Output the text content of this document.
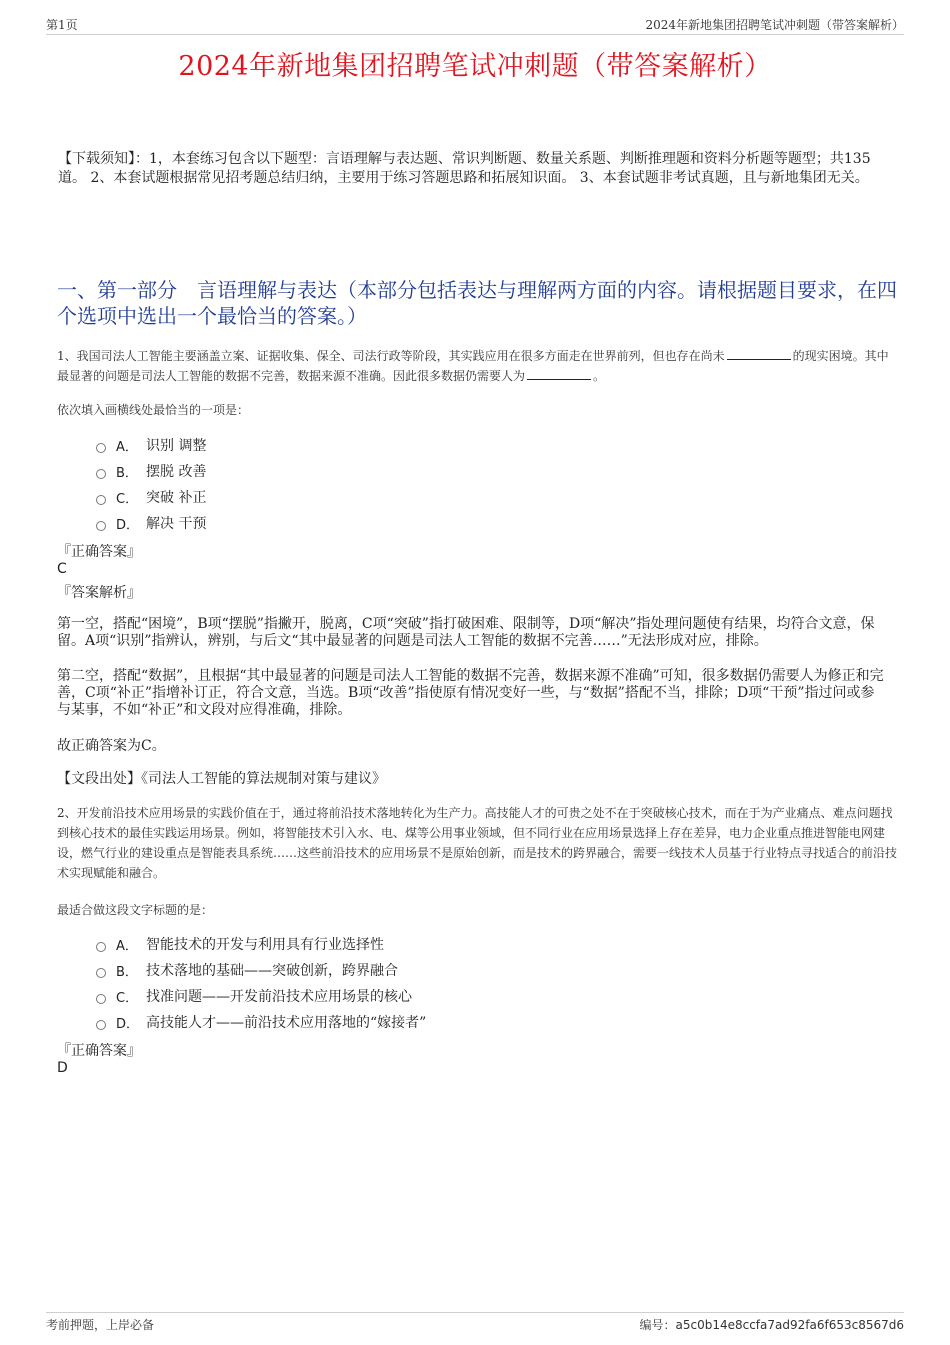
第1页	2024年新地集团招聘笔试冲刺题（带答案解析）
2024年新地集团招聘笔试冲刺题（带答案解析）
【下载须知】：1，本套练习包含以下题型：言语理解与表达题、常识判断题、数量关系题、判断推理题和资料分析题等题型；共135道。 2、本套试题根据常见招考题总结归纳，主要用于练习答题思路和拓展知识面。 3、本套试题非考试真题，且与新地集团无关。
一、第一部分　言语理解与表达（本部分包括表达与理解两方面的内容。请根据题目要求，在四个选项中选出一个最恰当的答案。）
1、我国司法人工智能主要涵盖立案、证据收集、保全、司法行政等阶段，其实践应用在很多方面走在世界前列，但也存在尚未	的现实困境。其中最显著的问题是司法人工智能的数据不完善，数据来源不准确。因此很多数据仍需要人为	。
依次填入画横线处最恰当的一项是：
A． 识别 调整
B． 摆脱 改善
C． 突破 补正
D． 解决 干预
『正确答案』
C
『答案解析』
第一空，搭配“困境”，B项“摆脱”指撇开，脱离，C项“突破”指打破困难、限制等，D项“解决”指处理问题使有结果，均符合文意，保留。A项“识别”指辨认，辨别，与后文“其中最显著的问题是司法人工智能的数据不完善……”无法形成对应，排除。
第二空，搭配“数据”，且根据“其中最显著的问题是司法人工智能的数据不完善，数据来源不准确”可知，很多数据仍需要人为修正和完善，C项“补正”指增补订正，符合文意，当选。B项“改善”指使原有情况变好一些，与“数据”搭配不当，排除；D项“干预”指过问或参与某事，不如“补正”和文段对应得准确，排除。
故正确答案为C。
【文段出处】《司法人工智能的算法规制对策与建议》
2、开发前沿技术应用场景的实践价值在于，通过将前沿技术落地转化为生产力。高技能人才的可贵之处不在于突破核心技术，而在于为产业痛点、难点问题找到核心技术的最佳实践运用场景。例如，将智能技术引入水、电、煤等公用事业领域，但不同行业在应用场景选择上存在差异，电力企业重点推进智能电网建设，燃气行业的建设重点是智能表具系统……这些前沿技术的应用场景不是原始创新，而是技术的跨界融合，需要一线技术人员基于行业特点寻找适合的前沿技术实现赋能和融合。
最适合做这段文字标题的是：
A． 智能技术的开发与利用具有行业选择性
B． 技术落地的基础——突破创新，跨界融合
C． 找准问题——开发前沿技术应用场景的核心
D． 高技能人才——前沿技术应用落地的“嫁接者”
『正确答案』
D
考前押题，上岸必备	编号：a5c0b14e8ccfa7ad92fa6f653c8567d6
